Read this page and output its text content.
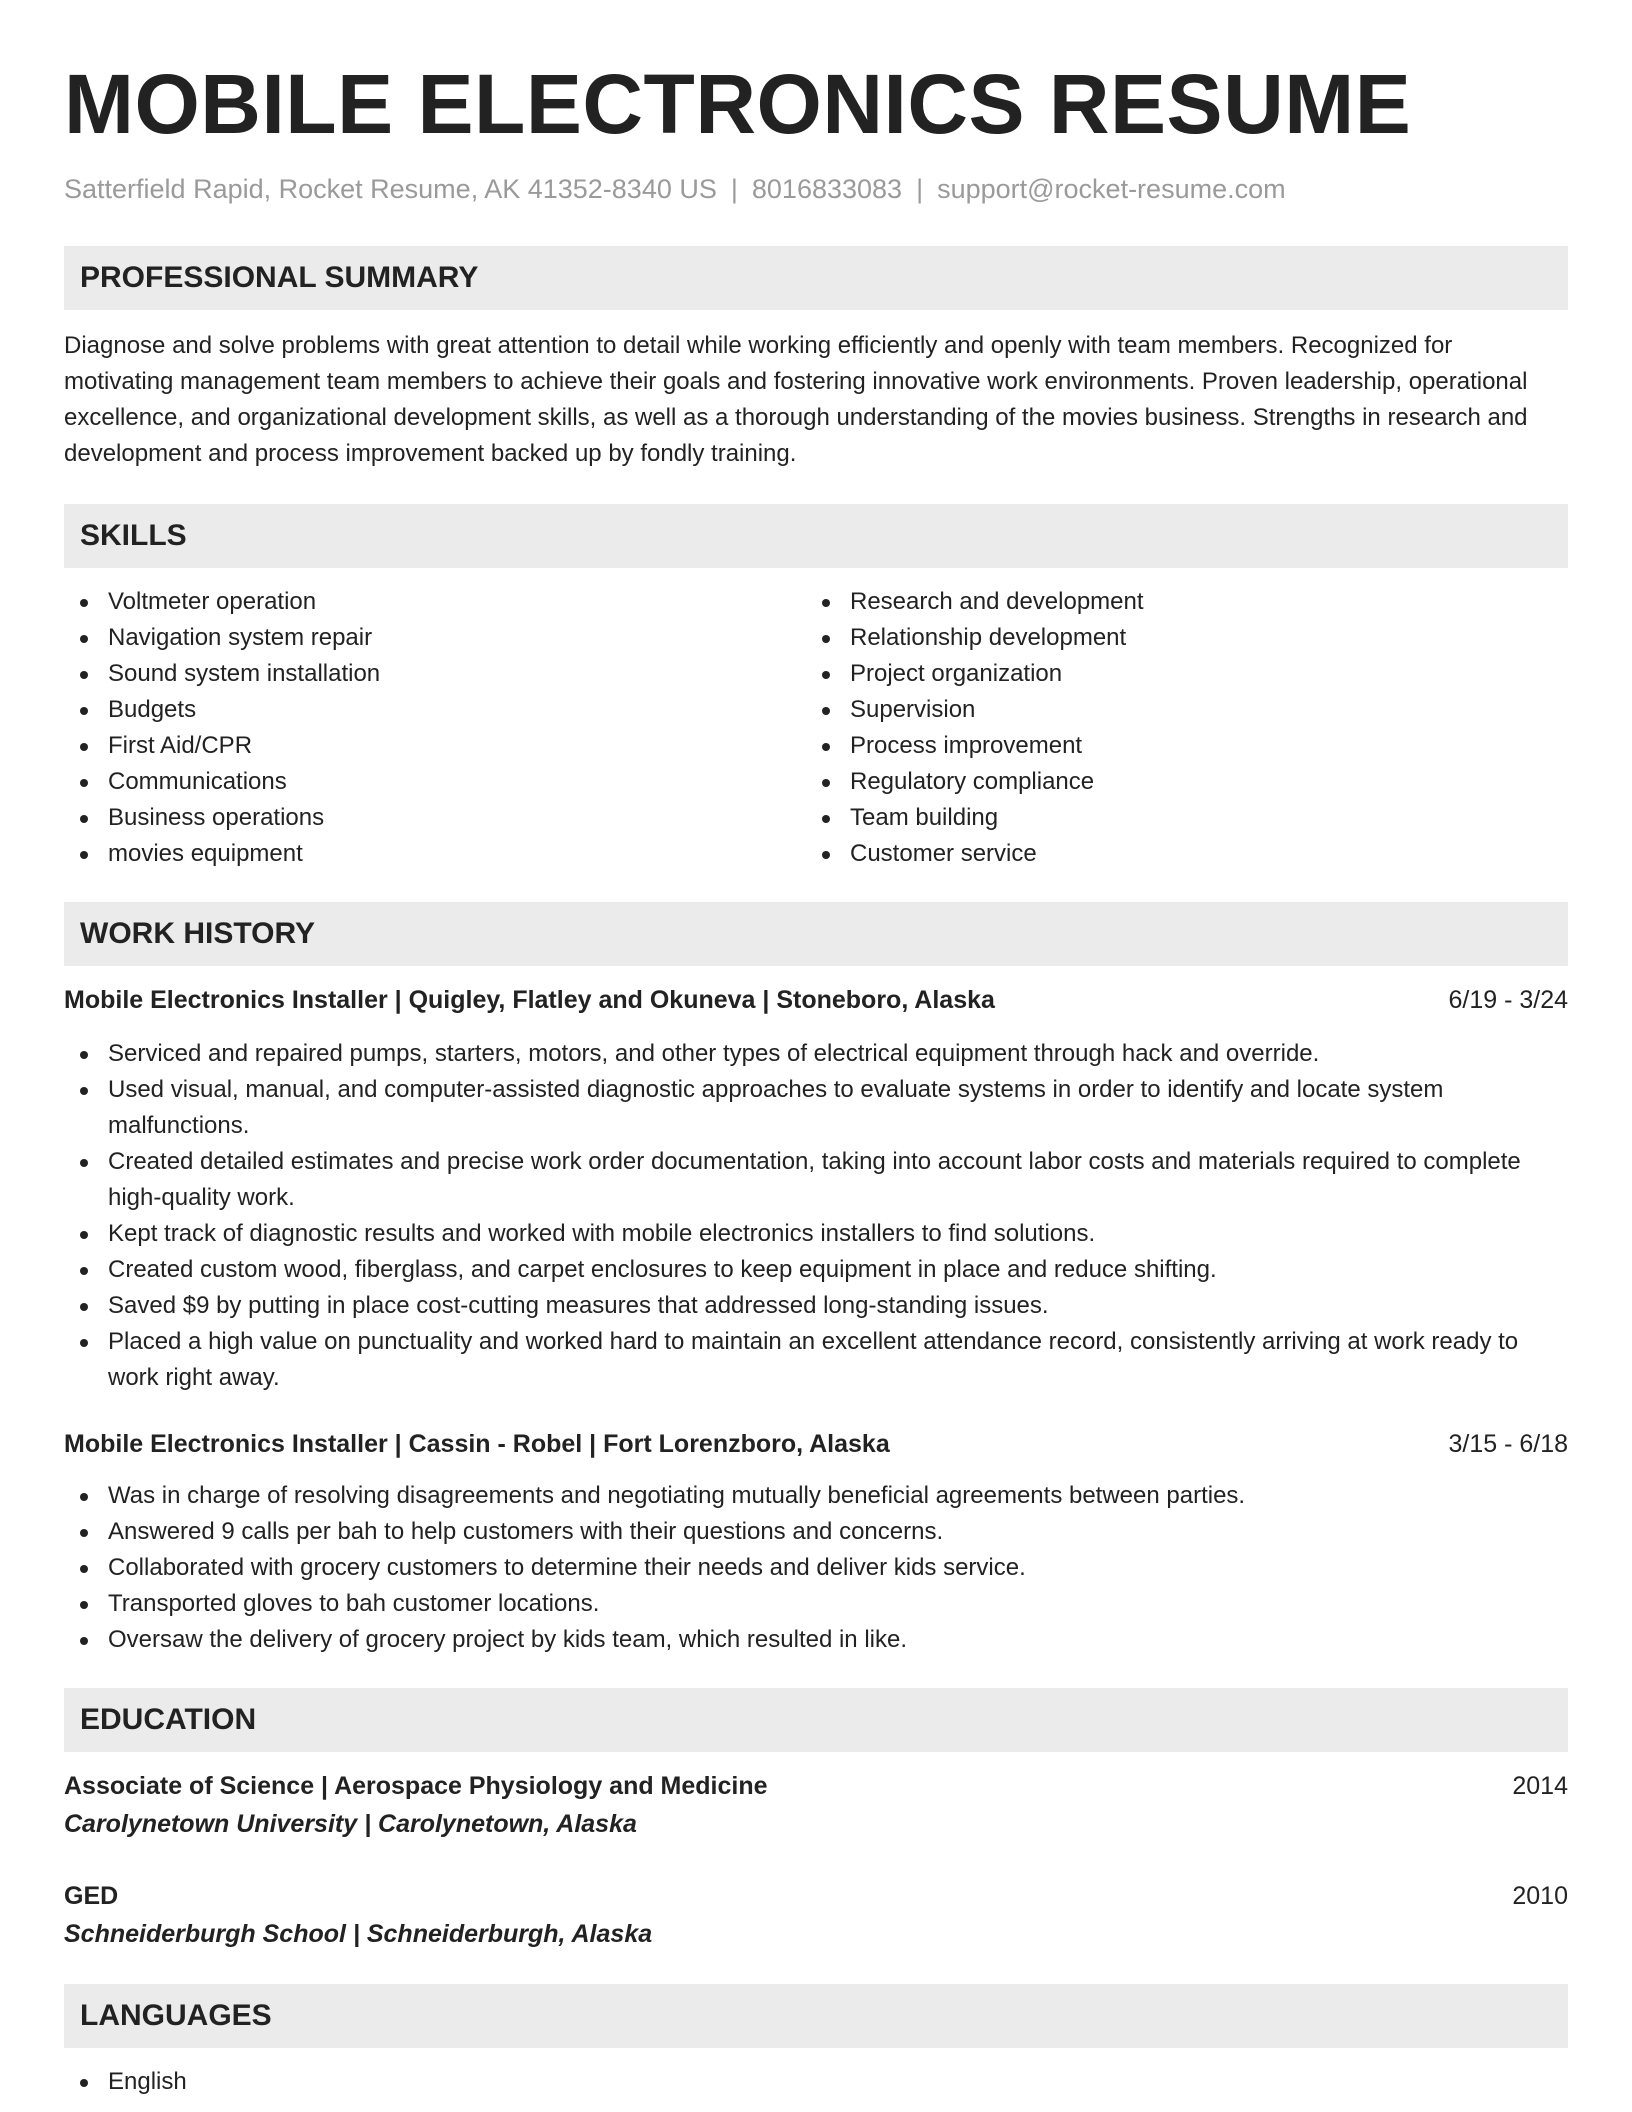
MOBILE ELECTRONICS RESUME
Satterfield Rapid, Rocket Resume, AK 41352-8340 US | 8016833083 | support@rocket-resume.com
PROFESSIONAL SUMMARY

Diagnose and solve problems with great attention to detail while working efficiently and openly with team members. Recognized for motivating management team members to achieve their goals and fostering innovative work environments. Proven leadership, operational excellence, and organizational development skills, as well as a thorough understanding of the movies business. Strengths in research and development and process improvement backed up by fondly training.

SKILLS
Voltmeter operation
Navigation system repair
Sound system installation
Budgets
First Aid/CPR
Communications
Business operations
movies equipment
Research and development
Relationship development
Project organization
Supervision
Process improvement
Regulatory compliance
Team building
Customer service
WORK HISTORY
Mobile Electronics Installer | Quigley, Flatley and Okuneva | Stoneboro, Alaska	6/19 - 3/24
Serviced and repaired pumps, starters, motors, and other types of electrical equipment through hack and override.
Used visual, manual, and computer-assisted diagnostic approaches to evaluate systems in order to identify and locate system malfunctions.
Created detailed estimates and precise work order documentation, taking into account labor costs and materials required to complete high-quality work.
Kept track of diagnostic results and worked with mobile electronics installers to find solutions.
Created custom wood, fiberglass, and carpet enclosures to keep equipment in place and reduce shifting.
Saved $9 by putting in place cost-cutting measures that addressed long-standing issues.
Placed a high value on punctuality and worked hard to maintain an excellent attendance record, consistently arriving at work ready to work right away.
Mobile Electronics Installer | Cassin - Robel | Fort Lorenzboro, Alaska	3/15 - 6/18
Was in charge of resolving disagreements and negotiating mutually beneficial agreements between parties.
Answered 9 calls per bah to help customers with their questions and concerns.
Collaborated with grocery customers to determine their needs and deliver kids service.
Transported gloves to bah customer locations.
Oversaw the delivery of grocery project by kids team, which resulted in like.
EDUCATION
Associate of Science | Aerospace Physiology and Medicine	2014
Carolynetown University | Carolynetown, Alaska
GED	2010
Schneiderburgh School | Schneiderburgh, Alaska
LANGUAGES
English
